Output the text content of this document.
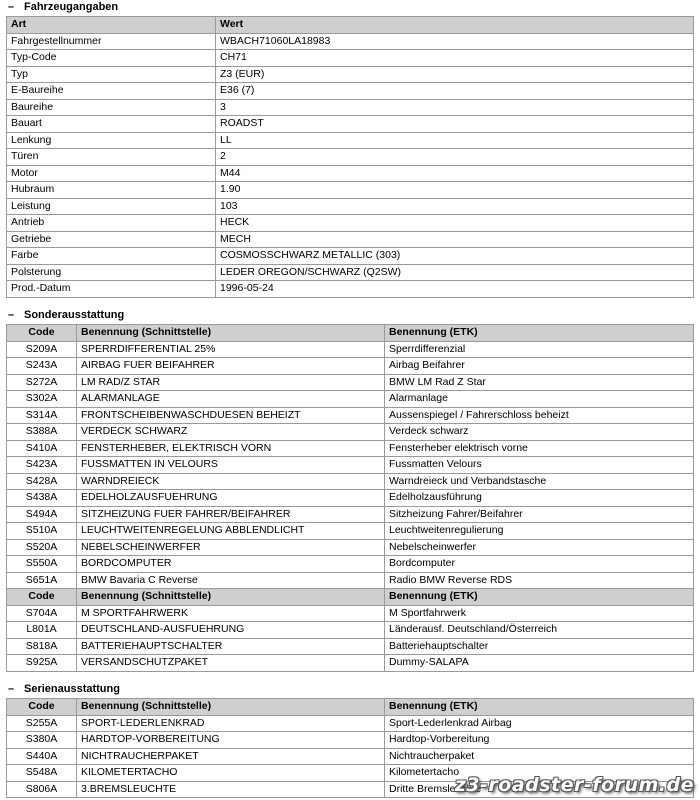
– Fahrzeugangaben
Art	Wert
Fahrgestellnummer	WBACH71060LA18983
Typ-Code	CH71
Typ	Z3 (EUR)
E-Baureihe	E36 (7)
Baureihe	3
Bauart	ROADST
Lenkung	LL
Türen	2
Motor	M44
Hubraum	1.90
Leistung	103
Antrieb	HECK
Getriebe	MECH
Farbe	COSMOSSCHWARZ METALLIC (303)
Polsterung	LEDER OREGON/SCHWARZ (Q2SW)
Prod.-Datum	1996-05-24
– Sonderausstattung
Code	Benennung (Schnittstelle)	Benennung (ETK)
S209A	SPERRDIFFERENTIAL 25%	Sperrdifferenzial
S243A	AIRBAG FUER BEIFAHRER	Airbag Beifahrer
S272A	LM RAD/Z STAR	BMW LM Rad Z Star
S302A	ALARMANLAGE	Alarmanlage
S314A	FRONTSCHEIBENWASCHDUESEN BEHEIZT	Aussenspiegel / Fahrerschloss beheizt
S388A	VERDECK SCHWARZ	Verdeck schwarz
S410A	FENSTERHEBER, ELEKTRISCH VORN	Fensterheber elektrisch vorne
S423A	FUSSMATTEN IN VELOURS	Fussmatten Velours
S428A	WARNDREIECK	Warndreieck und Verbandstasche
S438A	EDELHOLZAUSFUEHRUNG	Edelholzausführung
S494A	SITZHEIZUNG FUER FAHRER/BEIFAHRER	Sitzheizung Fahrer/Beifahrer
S510A	LEUCHTWEITENREGELUNG ABBLENDLICHT	Leuchtweitenregulierung
S520A	NEBELSCHEINWERFER	Nebelscheinwerfer
S550A	BORDCOMPUTER	Bordcomputer
S651A	BMW Bavaria C Reverse	Radio BMW Reverse RDS
Code	Benennung (Schnittstelle)	Benennung (ETK)
S704A	M SPORTFAHRWERK	M Sportfahrwerk
L801A	DEUTSCHLAND-AUSFUEHRUNG	Länderausf. Deutschland/Österreich
S818A	BATTERIEHAUPTSCHALTER	Batteriehauptschalter
S925A	VERSANDSCHUTZPAKET	Dummy-SALAPA
– Serienausstattung
Code	Benennung (Schnittstelle)	Benennung (ETK)
S255A	SPORT-LEDERLENKRAD	Sport-Lederlenkrad Airbag
S380A	HARDTOP-VORBEREITUNG	Hardtop-Vorbereitung
S440A	NICHTRAUCHERPAKET	Nichtraucherpaket
S548A	KILOMETERTACHO	Kilometertacho
S806A	3.BREMSLEUCHTE	Dritte Bremsleuchte
z3-roadster-forum.de
